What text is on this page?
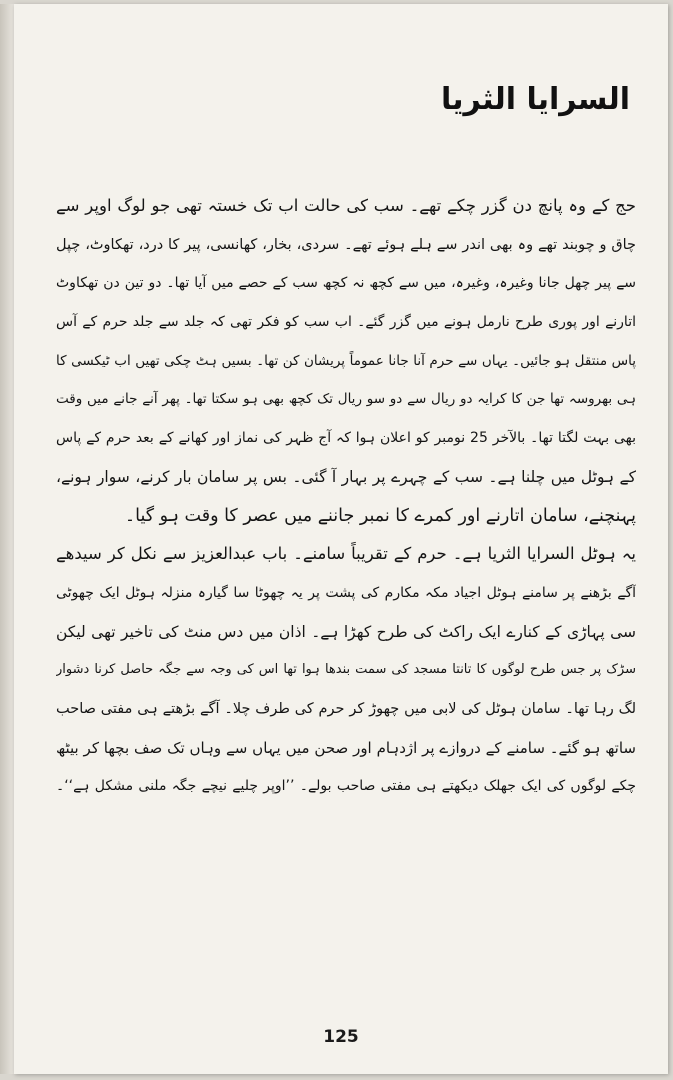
السرایا الثریا
حج کے وہ پانچ دن گزر چکے تھے۔ سب کی حالت اب تک خستہ تھی جو لوگ اوپر سے
چاق و چوبند تھے وہ بھی اندر سے ہلے ہوئے تھے۔ سردی، بخار، کھانسی، پیر کا درد، تھکاوٹ، چپل
سے پیر چھل جانا وغیرہ، وغیرہ، میں سے کچھ نہ کچھ سب کے حصے میں آیا تھا۔ دو تین دن تھکاوٹ
اتارنے اور پوری طرح نارمل ہونے میں گزر گئے۔ اب سب کو فکر تھی کہ جلد سے جلد حرم کے آس
پاس منتقل ہو جائیں۔ یہاں سے حرم آنا جانا عموماً پریشان کن تھا۔ بسیں ہٹ چکی تھیں اب ٹیکسی کا
ہی بھروسہ تھا جن کا کرایہ دو ریال سے دو سو ریال تک کچھ بھی ہو سکتا تھا۔ پھر آنے جانے میں وقت
بھی بہت لگتا تھا۔ بالآخر 25 نومبر کو اعلان ہوا کہ آج ظہر کی نماز اور کھانے کے بعد حرم کے پاس
کے ہوٹل میں چلنا ہے۔ سب کے چہرے پر بہار آ گئی۔ بس پر سامان بار کرنے، سوار ہونے،
پہنچنے، سامان اتارنے اور کمرے کا نمبر جاننے میں عصر کا وقت ہو گیا۔
یہ ہوٹل السرایا الثریا ہے۔ حرم کے تقریباً سامنے۔ باب عبدالعزیز سے نکل کر سیدھے
آگے بڑھنے پر سامنے ہوٹل اجیاد مکہ مکارم کی پشت پر یہ چھوٹا سا گیارہ منزلہ ہوٹل ایک چھوٹی
سی پہاڑی کے کنارے ایک راکٹ کی طرح کھڑا ہے۔ اذان میں دس منٹ کی تاخیر تھی لیکن
سڑک پر جس طرح لوگوں کا تانتا مسجد کی سمت بندھا ہوا تھا اس کی وجہ سے جگہ حاصل کرنا دشوار
لگ رہا تھا۔ سامان ہوٹل کی لابی میں چھوڑ کر حرم کی طرف چلا۔ آگے بڑھتے ہی مفتی صاحب
ساتھ ہو گئے۔ سامنے کے دروازے پر اژدہام اور صحن میں یہاں سے وہاں تک صف بچھا کر بیٹھ
چکے لوگوں کی ایک جھلک دیکھتے ہی مفتی صاحب بولے۔ ’’اوپر چلیے نیچے جگہ ملنی مشکل ہے‘‘۔
125
